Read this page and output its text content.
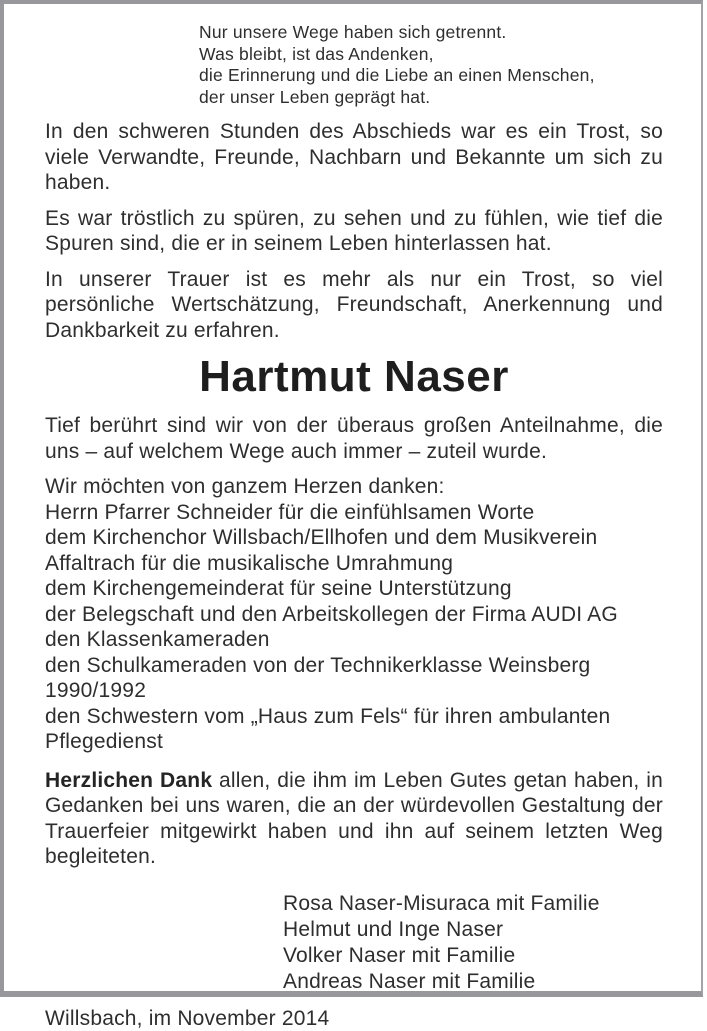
Nur unsere Wege haben sich getrennt.
Was bleibt, ist das Andenken,
die Erinnerung und die Liebe an einen Menschen,
der unser Leben geprägt hat.

In den schweren Stunden des Abschieds war es ein Trost, so viele Verwandte, Freunde, Nachbarn und Bekannte um sich zu haben.

Es war tröstlich zu spüren, zu sehen und zu fühlen, wie tief die Spuren sind, die er in seinem Leben hinterlassen hat.

In unserer Trauer ist es mehr als nur ein Trost, so viel persönliche Wertschätzung, Freundschaft, Anerkennung und Dankbarkeit zu erfahren.

Hartmut Naser

Tief berührt sind wir von der überaus großen Anteilnahme, die uns – auf welchem Wege auch immer – zuteil wurde.

Wir möchten von ganzem Herzen danken:
Herrn Pfarrer Schneider für die einfühlsamen Worte
dem Kirchenchor Willsbach/Ellhofen und dem Musikverein Affaltrach für die musikalische Umrahmung
dem Kirchengemeinderat für seine Unterstützung
der Belegschaft und den Arbeitskollegen der Firma AUDI AG
den Klassenkameraden
den Schulkameraden von der Technikerklasse Weinsberg 1990/1992
den Schwestern vom „Haus zum Fels“ für ihren ambulanten Pflegedienst

Herzlichen Dank allen, die ihm im Leben Gutes getan haben, in Gedanken bei uns waren, die an der würdevollen Gestaltung der Trauerfeier mitgewirkt haben und ihn auf seinem letzten Weg begleiteten.

Rosa Naser-Misuraca mit Familie
Helmut und Inge Naser
Volker Naser mit Familie
Andreas Naser mit Familie
Willsbach, im November 2014
